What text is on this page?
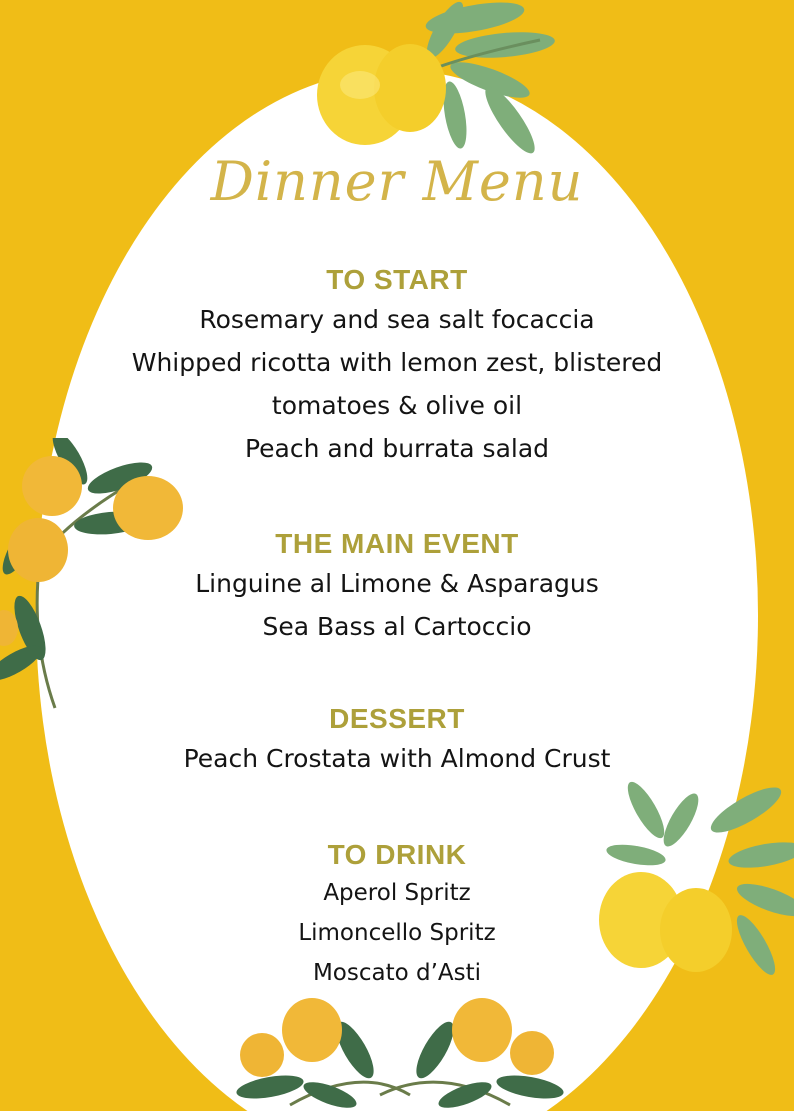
Dinner Menu
TO START
Rosemary and sea salt focaccia
Whipped ricotta with lemon zest, blistered
tomatoes & olive oil
Peach and burrata salad
THE MAIN EVENT
Linguine al Limone & Asparagus
Sea Bass al Cartoccio
DESSERT
Peach Crostata with Almond Crust
TO DRINK
Aperol Spritz
Limoncello Spritz
Moscato d’Asti
